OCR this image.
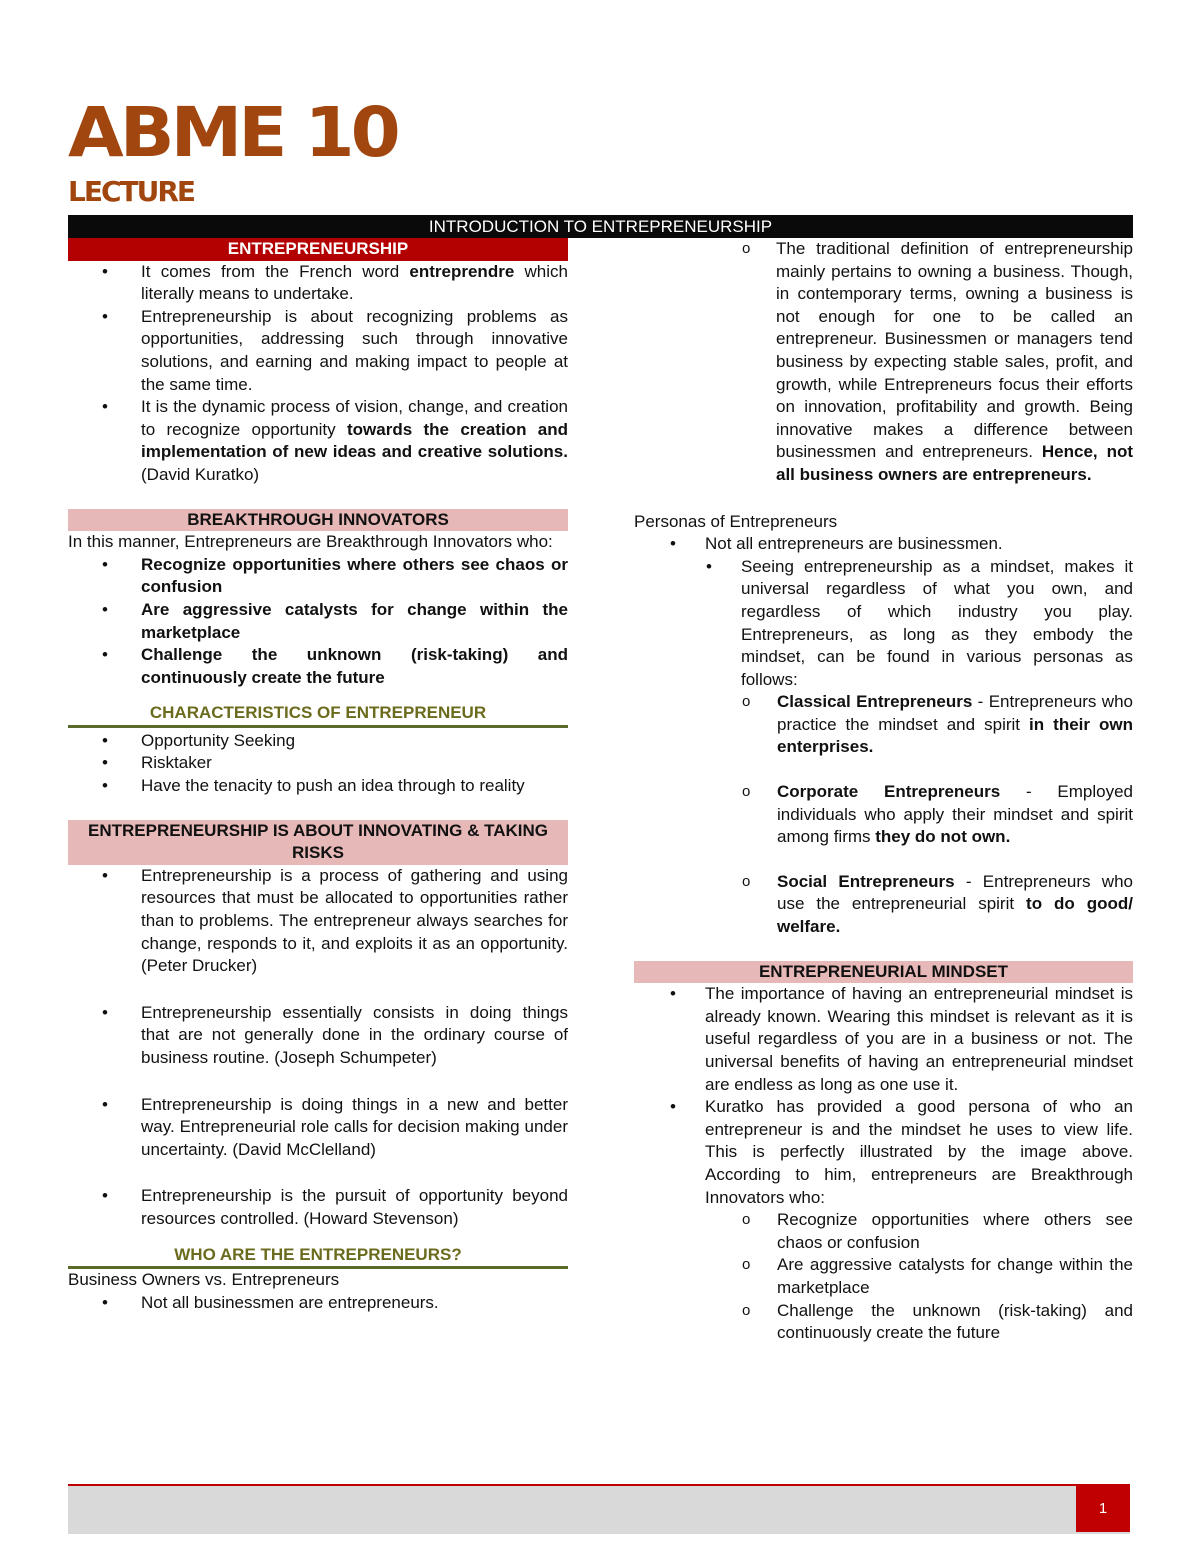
ABME 10
LECTURE
INTRODUCTION TO ENTREPRENEURSHIP
ENTREPRENEURSHIP
• It comes from the French word entreprendre which literally means to undertake.
• Entrepreneurship is about recognizing problems as opportunities, addressing such through innovative solutions, and earning and making impact to people at the same time.
• It is the dynamic process of vision, change, and creation to recognize opportunity towards the creation and implementation of new ideas and creative solutions. (David Kuratko)
BREAKTHROUGH INNOVATORS

In this manner, Entrepreneurs are Breakthrough Innovators who:

• Recognize opportunities where others see chaos or confusion
• Are aggressive catalysts for change within the marketplace
• Challenge the unknown (risk-taking) and continuously create the future
CHARACTERISTICS OF ENTREPRENEUR
• Opportunity Seeking
• Risktaker
• Have the tenacity to push an idea through to reality
ENTREPRENEURSHIP IS ABOUT INNOVATING & TAKING RISKS
• Entrepreneurship is a process of gathering and using resources that must be allocated to opportunities rather than to problems. The entrepreneur always searches for change, responds to it, and exploits it as an opportunity. (Peter Drucker)
• Entrepreneurship essentially consists in doing things that are not generally done in the ordinary course of business routine. (Joseph Schumpeter)
• Entrepreneurship is doing things in a new and better way. Entrepreneurial role calls for decision making under uncertainty. (David McClelland)
• Entrepreneurship is the pursuit of opportunity beyond resources controlled. (Howard Stevenson)
WHO ARE THE ENTREPRENEURS?

Business Owners vs. Entrepreneurs

• Not all businessmen are entrepreneurs.
o The traditional definition of entrepreneurship mainly pertains to owning a business. Though, in contemporary terms, owning a business is not enough for one to be called an entrepreneur. Businessmen or managers tend business by expecting stable sales, profit, and growth, while Entrepreneurs focus their efforts on innovation, profitability and growth. Being innovative makes a difference between businessmen and entrepreneurs. Hence, not all business owners are entrepreneurs.

Personas of Entrepreneurs

• Not all entrepreneurs are businessmen.
• Seeing entrepreneurship as a mindset, makes it universal regardless of what you own, and regardless of which industry you play. Entrepreneurs, as long as they embody the mindset, can be found in various personas as follows:
o Classical Entrepreneurs - Entrepreneurs who practice the mindset and spirit in their own enterprises.
o Corporate Entrepreneurs - Employed individuals who apply their mindset and spirit among firms they do not own.
o Social Entrepreneurs - Entrepreneurs who use the entrepreneurial spirit to do good/ welfare.
ENTREPRENEURIAL MINDSET
• The importance of having an entrepreneurial mindset is already known. Wearing this mindset is relevant as it is useful regardless of you are in a business or not. The universal benefits of having an entrepreneurial mindset are endless as long as one use it.
• Kuratko has provided a good persona of who an entrepreneur is and the mindset he uses to view life. This is perfectly illustrated by the image above. According to him, entrepreneurs are Breakthrough Innovators who:
o Recognize opportunities where others see chaos or confusion
o Are aggressive catalysts for change within the marketplace
o Challenge the unknown (risk-taking) and continuously create the future
1
